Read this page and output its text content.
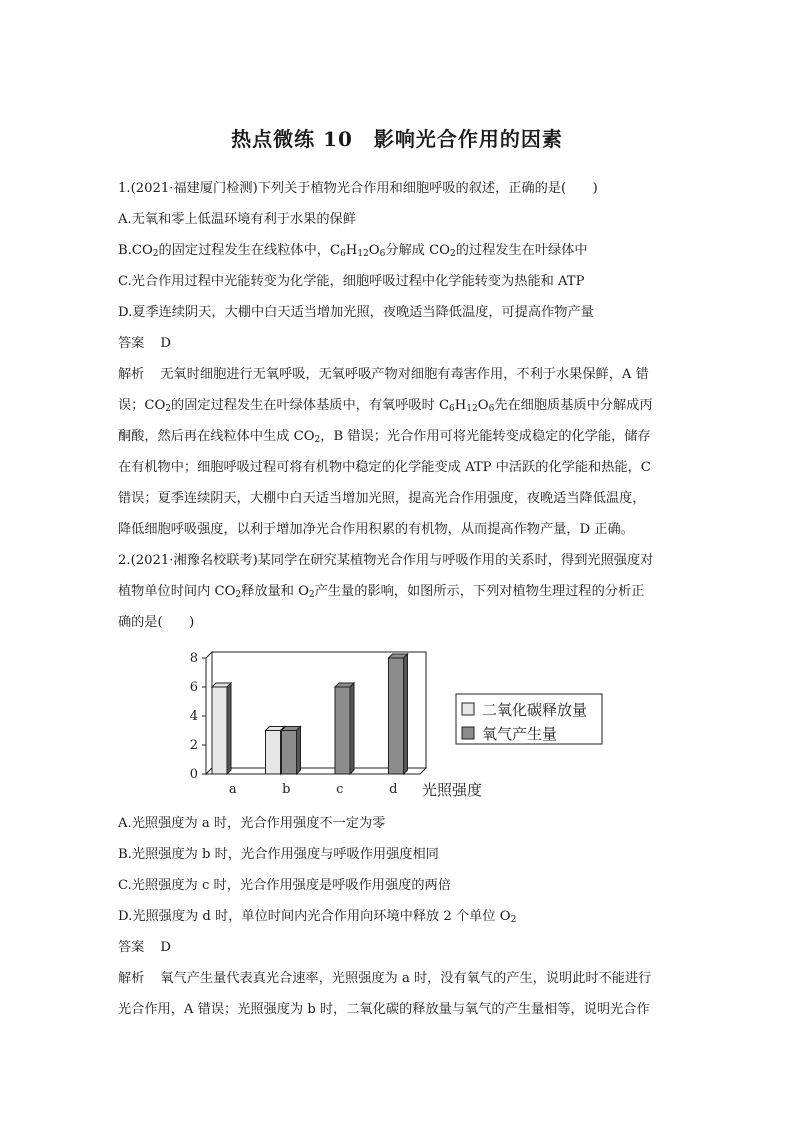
热点微练 10　影响光合作用的因素
1.(2021·福建厦门检测)下列关于植物光合作用和细胞呼吸的叙述，正确的是(　　)
A.无氧和零上低温环境有利于水果的保鲜
$B.CO_2$的固定过程发生在线粒体中，$C_6H_{12}O_6$分解成 $CO_2$的过程发生在叶绿体中
C.光合作用过程中光能转变为化学能，细胞呼吸过程中化学能转变为热能和 ATP
D.夏季连续阴天，大棚中白天适当增加光照，夜晚适当降低温度，可提高作物产量
答案 D
解析 无氧时细胞进行无氧呼吸，无氧呼吸产物对细胞有毒害作用，不利于水果保鲜，A 错
误；$CO_2$的固定过程发生在叶绿体基质中，有氧呼吸时 $C_6H_{12}O_6$先在细胞质基质中分解成丙
酮酸，然后再在线粒体中生成 $CO_2$，B 错误；光合作用可将光能转变成稳定的化学能，储存
在有机物中；细胞呼吸过程可将有机物中稳定的化学能变成 ATP 中活跃的化学能和热能，C
错误；夏季连续阴天，大棚中白天适当增加光照，提高光合作用强度，夜晚适当降低温度，
降低细胞呼吸强度，以利于增加净光合作用积累的有机物，从而提高作物产量，D 正确。
2.(2021·湘豫名校联考)某同学在研究某植物光合作用与呼吸作用的关系时，得到光照强度对
植物单位时间内 $CO_2$释放量和 $O_2$产生量的影响，如图所示，下列对植物生理过程的分析正
确的是(　　)
0
2
4
6
8
a	b	c	d 光照强度
二氧化碳释放量
氧气产生量
A.光照强度为 a 时，光合作用强度不一定为零
B.光照强度为 b 时，光合作用强度与呼吸作用强度相同
C.光照强度为 c 时，光合作用强度是呼吸作用强度的两倍
D.光照强度为 d 时，单位时间内光合作用向环境中释放 2 个单位 $O_2$
答案 D
解析 氧气产生量代表真光合速率，光照强度为 a 时，没有氧气的产生，说明此时不能进行
光合作用，A 错误；光照强度为 b 时，二氧化碳的释放量与氧气的产生量相等，说明光合作
